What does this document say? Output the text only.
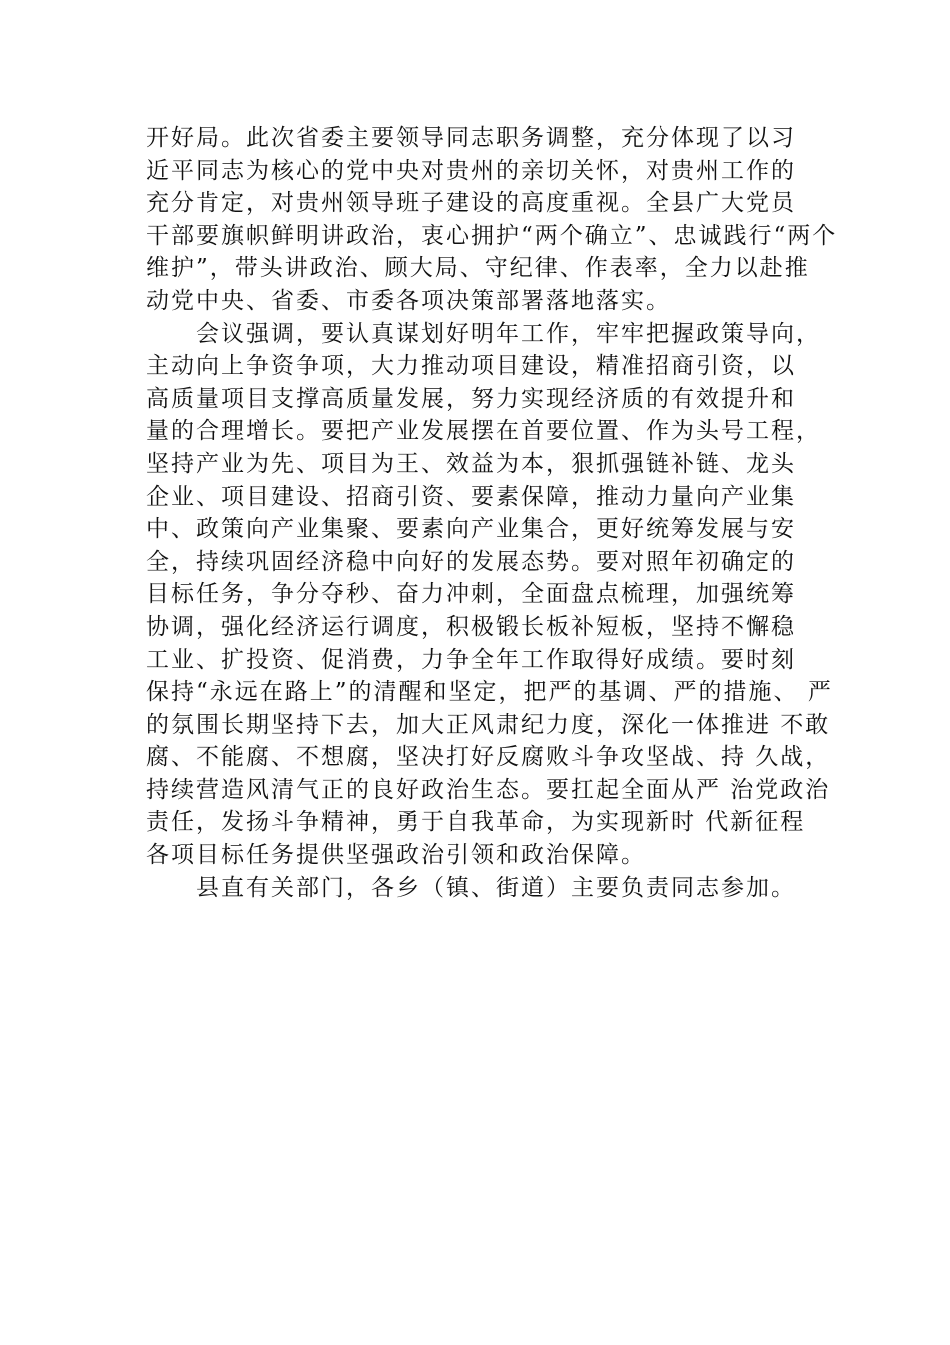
开好局。此次省委主要领导同志职务调整，充分体现了以习
近平同志为核心的党中央对贵州的亲切关怀，对贵州工作的
充分肯定，对贵州领导班子建设的高度重视。全县广大党员
干部要旗帜鲜明讲政治，衷心拥护“两个确立”、忠诚践行“两个
维护”，带头讲政治、顾大局、守纪律、作表率，全力以赴推
动党中央、省委、市委各项决策部署落地落实。
会议强调，要认真谋划好明年工作，牢牢把握政策导向，
主动向上争资争项，大力推动项目建设，精准招商引资，以
高质量项目支撑高质量发展，努力实现经济质的有效提升和
量的合理增长。要把产业发展摆在首要位置、作为头号工程，
坚持产业为先、项目为王、效益为本，狠抓强链补链、龙头
企业、项目建设、招商引资、要素保障，推动力量向产业集
中、政策向产业集聚、要素向产业集合，更好统筹发展与安
全，持续巩固经济稳中向好的发展态势。要对照年初确定的
目标任务，争分夺秒、奋力冲刺，全面盘点梳理，加强统筹
协调，强化经济运行调度，积极锻长板补短板，坚持不懈稳
工业、扩投资、促消费，力争全年工作取得好成绩。要时刻
保持“永远在路上”的清醒和坚定，把严的基调、严的措施、 严
的氛围长期坚持下去，加大正风肃纪力度，深化一体推进 不敢
腐、不能腐、不想腐，坚决打好反腐败斗争攻坚战、持 久战，
持续营造风清气正的良好政治生态。要扛起全面从严 治党政治
责任，发扬斗争精神，勇于自我革命，为实现新时 代新征程
各项目标任务提供坚强政治引领和政治保障。
县直有关部门，各乡（镇、街道）主要负责同志参加。
